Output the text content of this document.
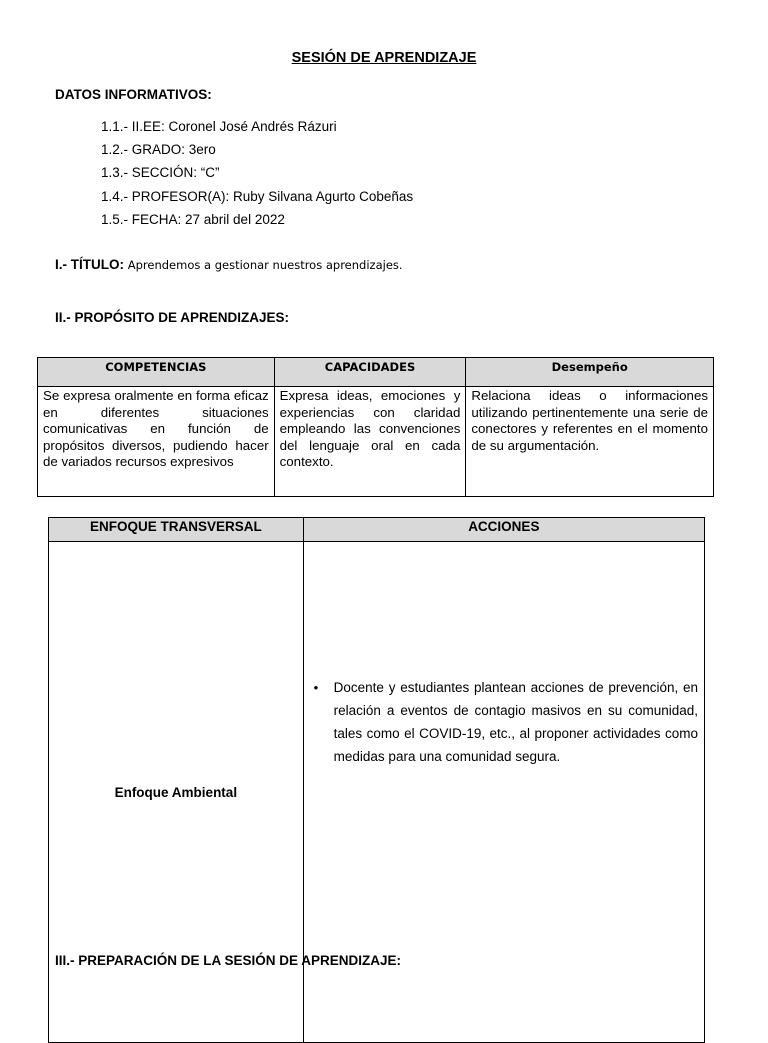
SESIÓN DE APRENDIZAJE
DATOS INFORMATIVOS:
1.1.- II.EE: Coronel José Andrés Rázuri
1.2.- GRADO: 3ero
1.3.- SECCIÓN: “C”
1.4.- PROFESOR(A): Ruby Silvana Agurto Cobeñas
1.5.- FECHA: 27 abril del 2022
I.- TÍTULO: Aprendemos a gestionar nuestros aprendizajes.
II.- PROPÓSITO DE APRENDIZAJES:
COMPETENCIAS	CAPACIDADES	Desempeño
Se expresa oralmente en forma eficaz en diferentes situaciones comunicativas en función de propósitos diversos, pudiendo hacer de variados recursos expresivos	Expresa ideas, emociones y experiencias con claridad empleando las convenciones del lenguaje oral en cada contexto.	Relaciona ideas o informaciones utilizando pertinentemente una serie de conectores y referentes en el momento de su argumentación.
ENFOQUE TRANSVERSAL	ACCIONES
Enfoque Ambiental	• Docente y estudiantes plantean acciones de prevención, en relación a eventos de contagio masivos en su comunidad, tales como el COVID-19, etc., al proponer actividades como medidas para una comunidad segura.
III.- PREPARACIÓN DE LA SESIÓN DE APRENDIZAJE:
